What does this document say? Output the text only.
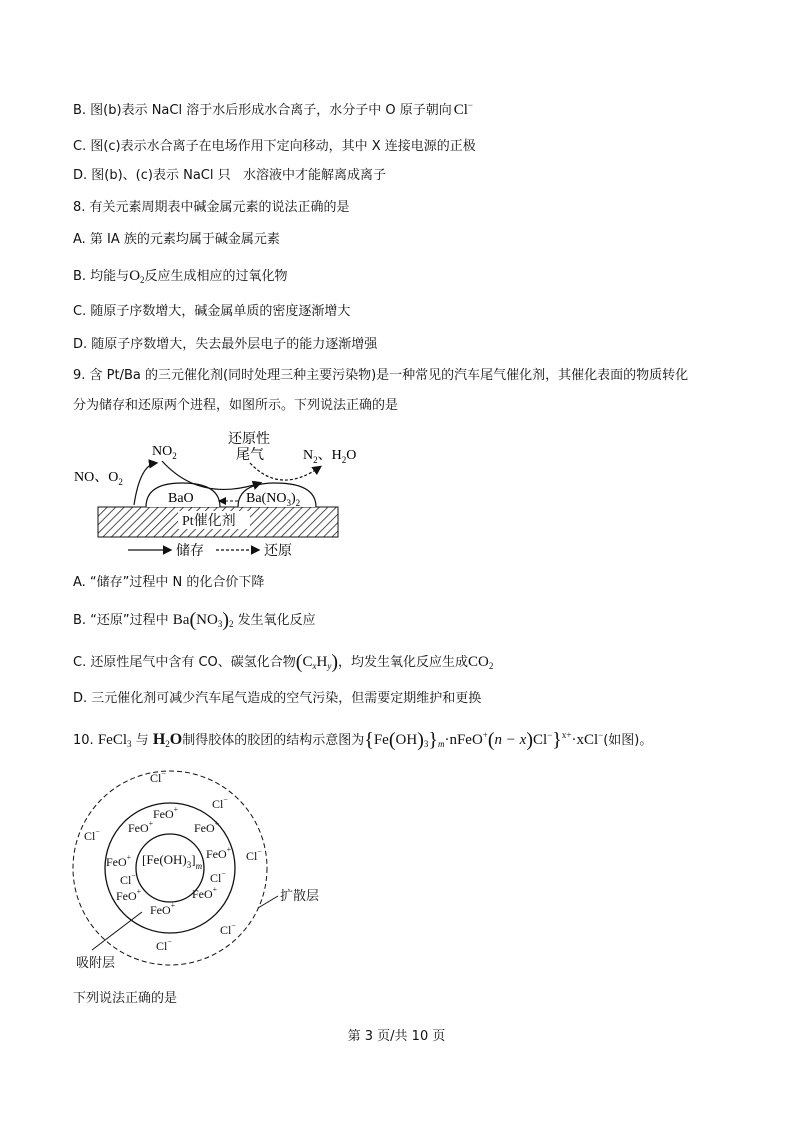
B. 图(b)表示 NaCl 溶于水后形成水合离子，水分子中 O 原子朝向 Cl−
C. 图(c)表示水合离子在电场作用下定向移动，其中 X 连接电源的正极
D. 图(b)、(c)表示 NaCl 只   水溶液中才能解离成离子
8. 有关元素周期表中碱金属元素的说法正确的是
A. 第 IA 族的元素均属于碱金属元素
B. 均能与$O_2$反应生成相应的过氧化物
C. 随原子序数增大，碱金属单质的密度逐渐增大
D. 随原子序数增大，失去最外层电子的能力逐渐增强
9. 含 Pt/Ba 的三元催化剂(同时处理三种主要污染物)是一种常见的汽车尾气催化剂，其催化表面的物质转化
分为储存和还原两个进程，如图所示。下列说法正确的是
Pt催化剂
BaO	$Ba(NO_3)_2$
NO、$O_2$
$NO_2$
还原性
尾气	$N_2$、$H_2O$
储存	还原
A. “储存”过程中 N 的化合价下降
B. “还原”过程中 $Ba(NO_3)_2$ 发生氧化反应
C. 还原性尾气中含有 CO、碳氢化合物$(C_xH_y)$，均发生氧化反应生成$CO_2$
D. 三元催化剂可减少汽车尾气造成的空气污染，但需要定期维护和更换
10. FeCl$_3$ 与 $H_2O$制得胶体的胶团的结构示意图为$\{Fe(OH)_3\}_m\cdot nFeO^+(n - x)Cl^-\}^{x+}\cdot xCl^-$(如图)。
$[Fe(OH)_3]_m$
FeO+
FeO+	FeO+
FeO+	FeO+
FeO+	FeO+
FeO+
Cl−	Cl−
Cl−
Cl−
Cl−
Cl−
Cl−
Cl−
扩散层
吸附层
下列说法正确的是
第 3 页/共 10 页
